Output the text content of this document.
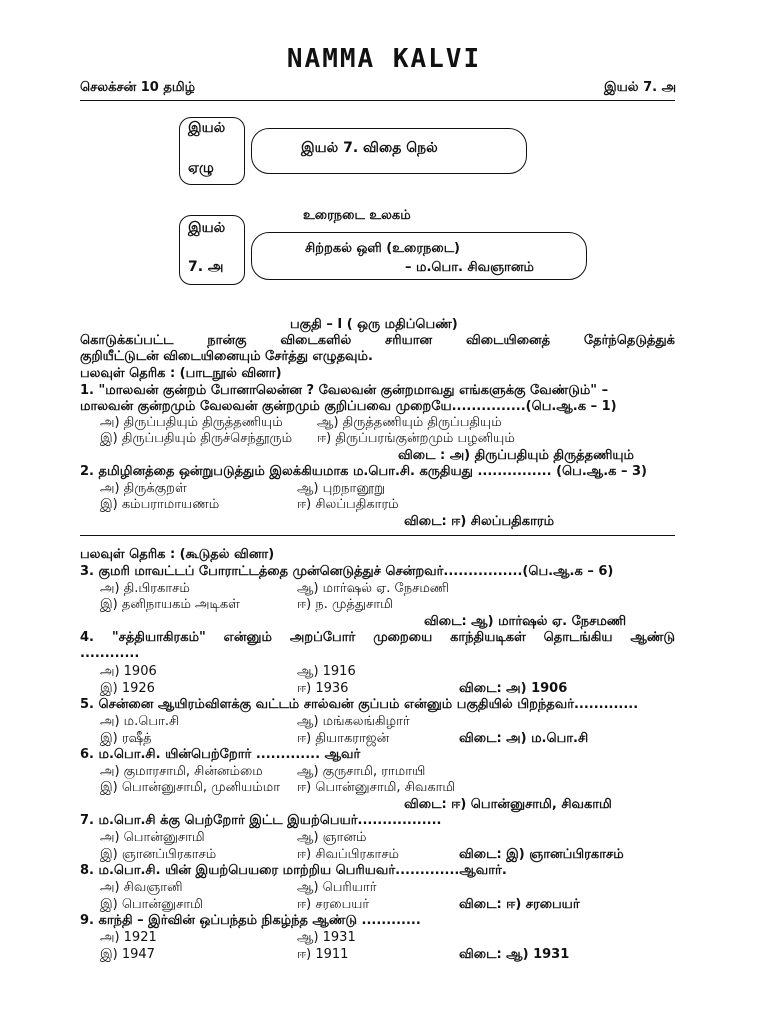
NAMMA KALVI
செலக்சன் 10 தமிழ்	இயல் 7. அ
இயல்
ஏழு
இயல் 7. விதை நெல்
உரைநடை உலகம்
இயல்
7. அ
சிற்றகல் ஒளி (உரைநடை)
– ம.பொ. சிவஞானம்
பகுதி – I ( ஒரு மதிப்பெண்)
கொடுக்கப்பட்ட நான்கு விடைகளில் சரியான விடையினைத் தேர்ந்தெடுத்துக்
குறியீட்டுடன் விடையினையும் சேர்த்து எழுதவும்.
பலவுள் தெரிக : (பாடநூல் வினா)
1. "மாலவன் குன்றம் போனாலென்ன ? வேலவன் குன்றமாவது எங்களுக்கு வேண்டும்" –
மாலவன் குன்றமும் வேலவன் குன்றமும் குறிப்பவை முறையே...............(பெ.ஆ.க – 1)
அ) திருப்பதியும் திருத்தணியும்	ஆ) திருத்தணியும் திருப்பதியும்
இ) திருப்பதியும் திருச்செந்தூரும் ஈ) திருப்பரங்குன்றமும் பழனியும்
விடை : அ) திருப்பதியும் திருத்தணியும்
2. தமிழினத்தை ஒன்றுபடுத்தும் இலக்கியமாக ம.பொ.சி. கருதியது ............... (பெ.ஆ.க – 3)
அ) திருக்குறள்	ஆ) புறநானூறு
இ) கம்பராமாயணம்	ஈ) சிலப்பதிகாரம்
விடை: ஈ) சிலப்பதிகாரம்
பலவுள் தெரிக : (கூடுதல் வினா)
3. குமரி மாவட்டப் போராட்டத்தை முன்னெடுத்துச் சென்றவர்................(பெ.ஆ.க – 6)
அ) தி.பிரகாசம்	ஆ) மார்ஷல் ஏ. நேசமணி
இ) தனிநாயகம் அடிகள்	ஈ) ந. முத்துசாமி
விடை: ஆ) மார்ஷல் ஏ. நேசமணி
4. "சத்தியாகிரகம்" என்னும் அறப்போர் முறையை காந்தியடிகள் தொடங்கிய ஆண்டு
............
அ) 1906	ஆ) 1916
இ) 1926	ஈ) 1936	விடை: அ) 1906
5. சென்னை ஆயிரம்விளக்கு வட்டம் சால்வன் குப்பம் என்னும் பகுதியில் பிறந்தவர்.............
அ) ம.பொ.சி	ஆ) மங்கலங்கிழார்
இ) ரஷீத்	ஈ) தியாகராஜன்	விடை: அ) ம.பொ.சி
6. ம.பொ.சி. யின்பெற்றோர் ............. ஆவர்
அ) குமாரசாமி, சின்னம்மை	ஆ) குருசாமி, ராமாயி
இ) பொன்னுசாமி, முனியம்மா ஈ) பொன்னுசாமி, சிவகாமி
விடை: ஈ) பொன்னுசாமி, சிவகாமி
7. ம.பொ.சி க்கு பெற்றோர் இட்ட இயற்பெயர்.................
அ) பொன்னுசாமி	ஆ) ஞானம்
இ) ஞானப்பிரகாசம்	ஈ) சிவப்பிரகாசம்	விடை: இ) ஞானப்பிரகாசம்
8. ம.பொ.சி. யின் இயற்பெயரை மாற்றிய பெரியவர்.............ஆவார்.
அ) சிவஞானி	ஆ) பெரியார்
இ) பொன்னுசாமி	ஈ) சரபையர்	விடை: ஈ) சரபையர்
9. காந்தி – இர்வின் ஒப்பந்தம் நிகழ்ந்த ஆண்டு ............
அ) 1921	ஆ) 1931
இ) 1947	ஈ) 1911	விடை: ஆ) 1931
